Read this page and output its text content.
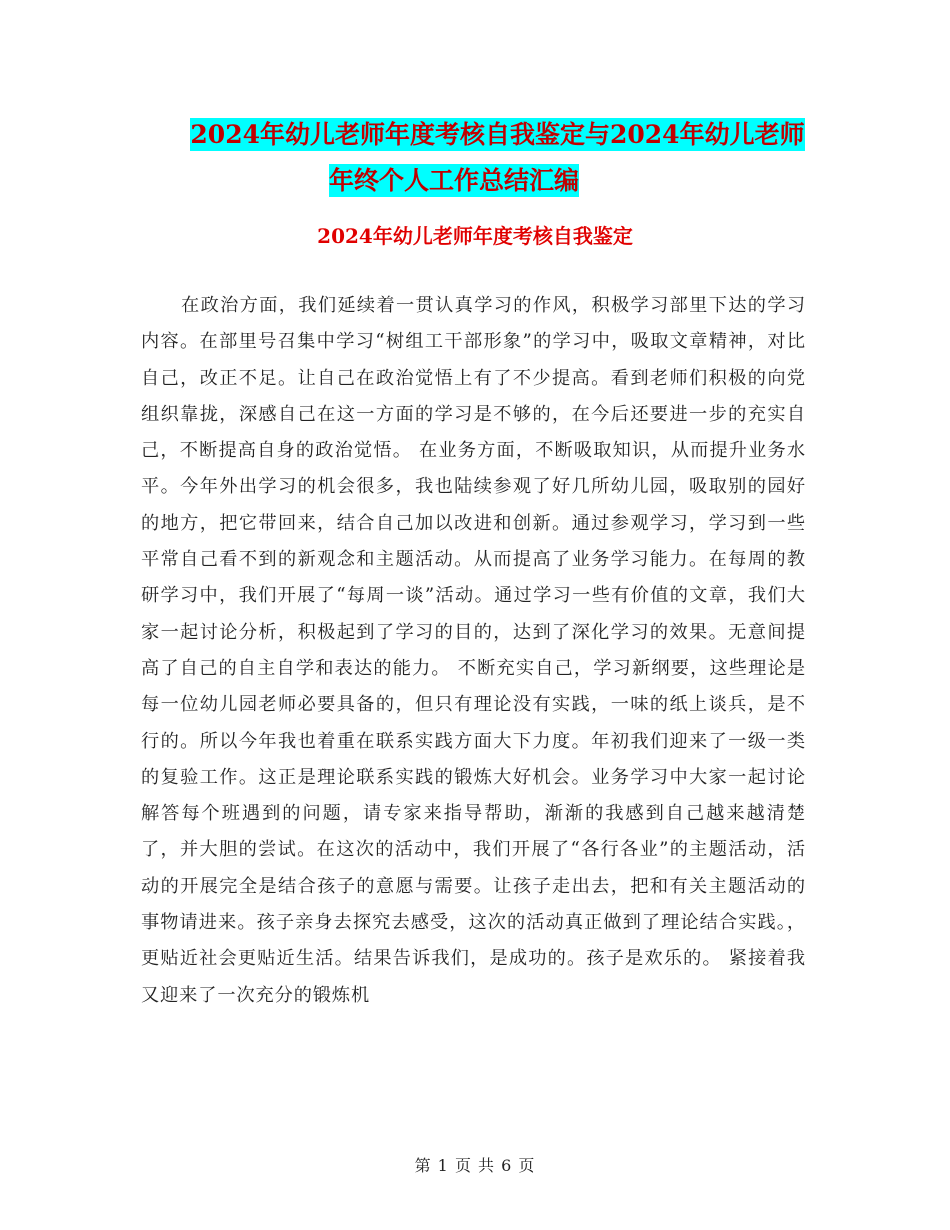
2024年幼儿老师年度考核自我鉴定与2024年幼儿老师
年终个人工作总结汇编
2024年幼儿老师年度考核自我鉴定

在政治方面，我们延续着一贯认真学习的作风，积极学习部里下达的学习内容。在部里号召集中学习“树组工干部形象”的学习中，吸取文章精神，对比自己，改正不足。让自己在政治觉悟上有了不少提高。看到老师们积极的向党组织靠拢，深感自己在这一方面的学习是不够的，在今后还要进一步的充实自己，不断提高自身的政治觉悟。 在业务方面，不断吸取知识，从而提升业务水平。今年外出学习的机会很多，我也陆续参观了好几所幼儿园，吸取别的园好的地方，把它带回来，结合自己加以改进和创新。通过参观学习，学习到一些平常自己看不到的新观念和主题活动。从而提高了业务学习能力。在每周的教研学习中，我们开展了“每周一谈”活动。通过学习一些有价值的文章，我们大家一起讨论分析，积极起到了学习的目的，达到了深化学习的效果。无意间提高了自己的自主自学和表达的能力。 不断充实自己，学习新纲要，这些理论是每一位幼儿园老师必要具备的，但只有理论没有实践，一味的纸上谈兵，是不行的。所以今年我也着重在联系实践方面大下力度。年初我们迎来了一级一类的复验工作。这正是理论联系实践的锻炼大好机会。业务学习中大家一起讨论解答每个班遇到的问题，请专家来指导帮助，渐渐的我感到自己越来越清楚了，并大胆的尝试。在这次的活动中，我们开展了“各行各业”的主题活动，活动的开展完全是结合孩子的意愿与需要。让孩子走出去，把和有关主题活动的事物请进来。孩子亲身去探究去感受，这次的活动真正做到了理论结合实践。，更贴近社会更贴近生活。结果告诉我们，是成功的。孩子是欢乐的。 紧接着我又迎来了一次充分的锻炼机

第 1 页 共 6 页
